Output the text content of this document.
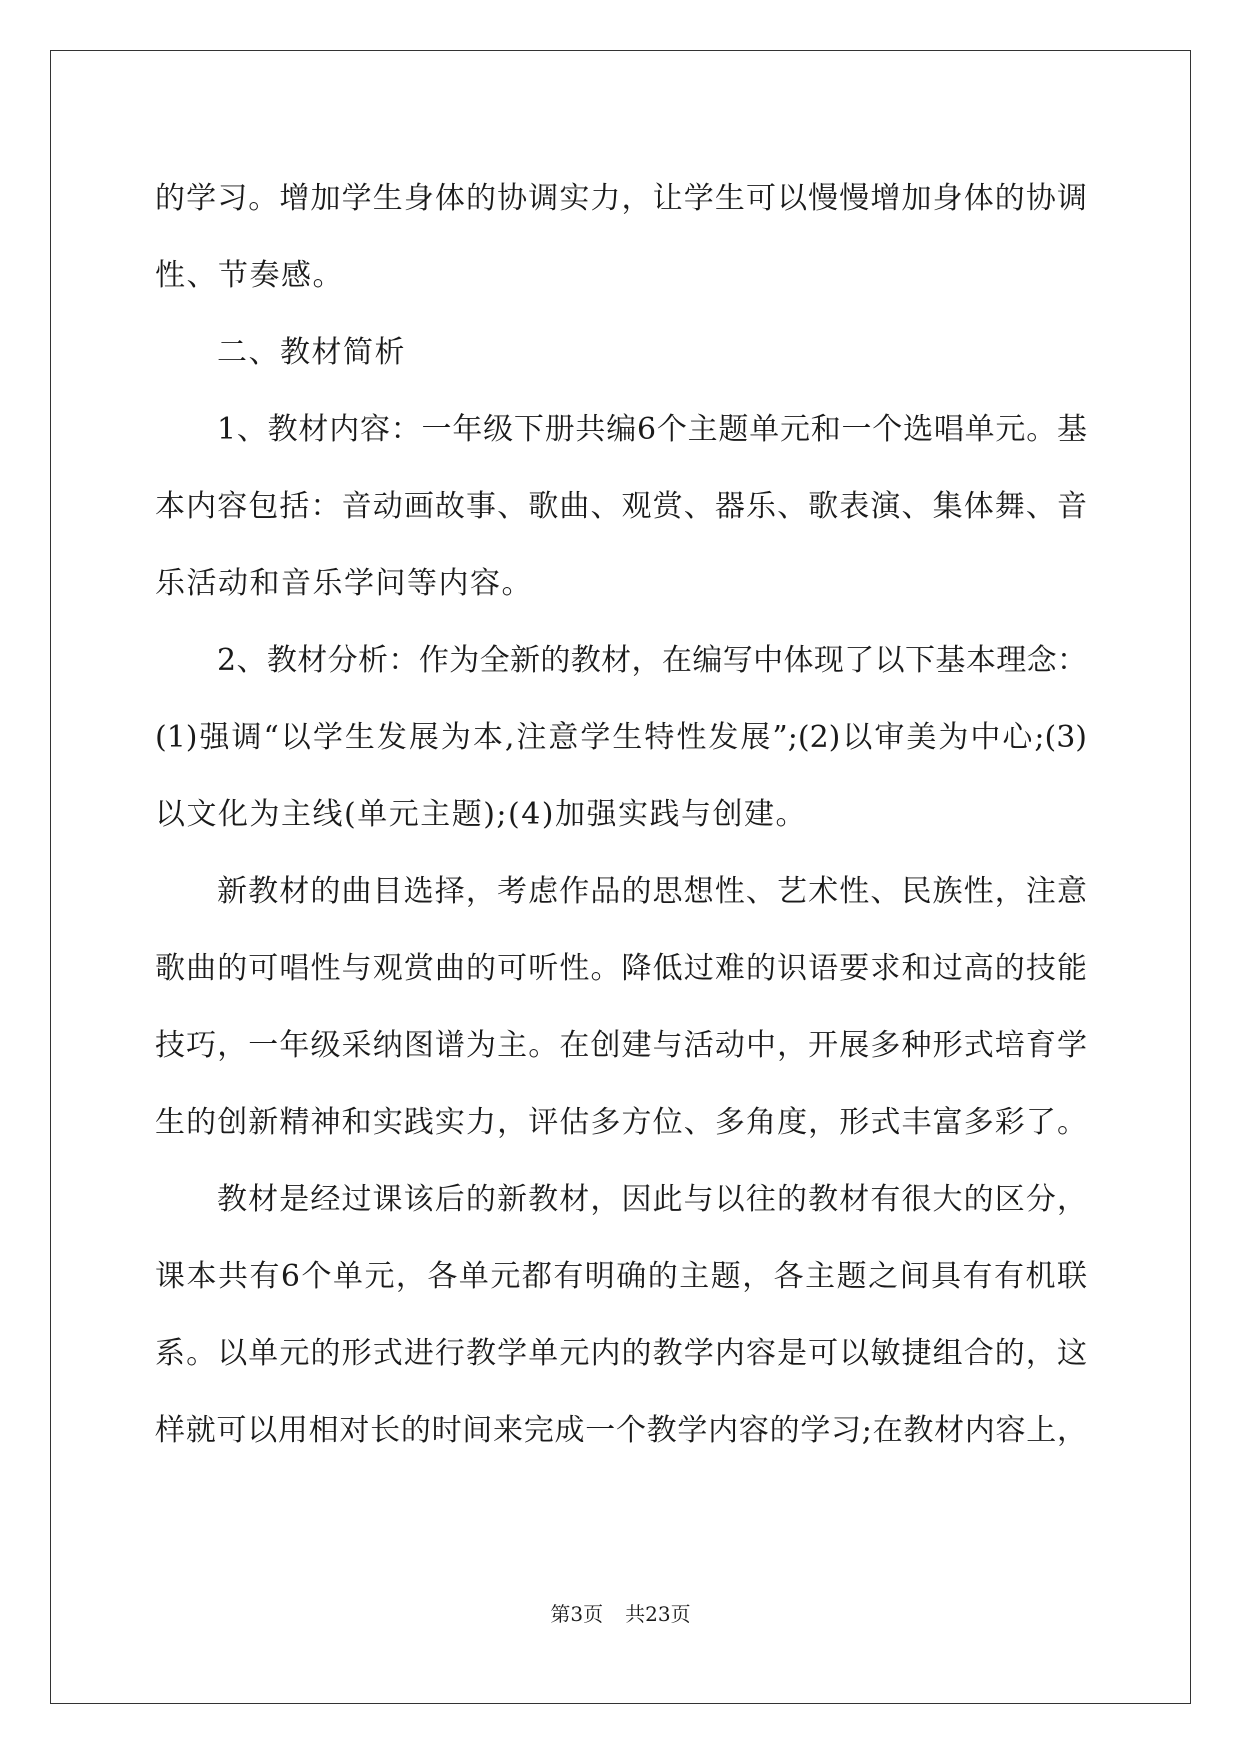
的学习。增加学生身体的协调实力，让学生可以慢慢增加身体的协调
性、节奏感。
二、教材简析
1、教材内容：一年级下册共编6个主题单元和一个选唱单元。基
本内容包括：音动画故事、歌曲、观赏、器乐、歌表演、集体舞、音
乐活动和音乐学问等内容。
2、教材分析：作为全新的教材，在编写中体现了以下基本理念：
(1)强调“以学生发展为本,注意学生特性发展”;(2)以审美为中心;(3)
以文化为主线(单元主题);(4)加强实践与创建。
新教材的曲目选择，考虑作品的思想性、艺术性、民族性，注意
歌曲的可唱性与观赏曲的可听性。降低过难的识语要求和过高的技能
技巧，一年级采纳图谱为主。在创建与活动中，开展多种形式培育学
生的创新精神和实践实力，评估多方位、多角度，形式丰富多彩了。
教材是经过课该后的新教材，因此与以往的教材有很大的区分，
课本共有6个单元，各单元都有明确的主题，各主题之间具有有机联
系。以单元的形式进行教学单元内的教学内容是可以敏捷组合的，这
样就可以用相对长的时间来完成一个教学内容的学习;在教材内容上，
第3页 共23页
